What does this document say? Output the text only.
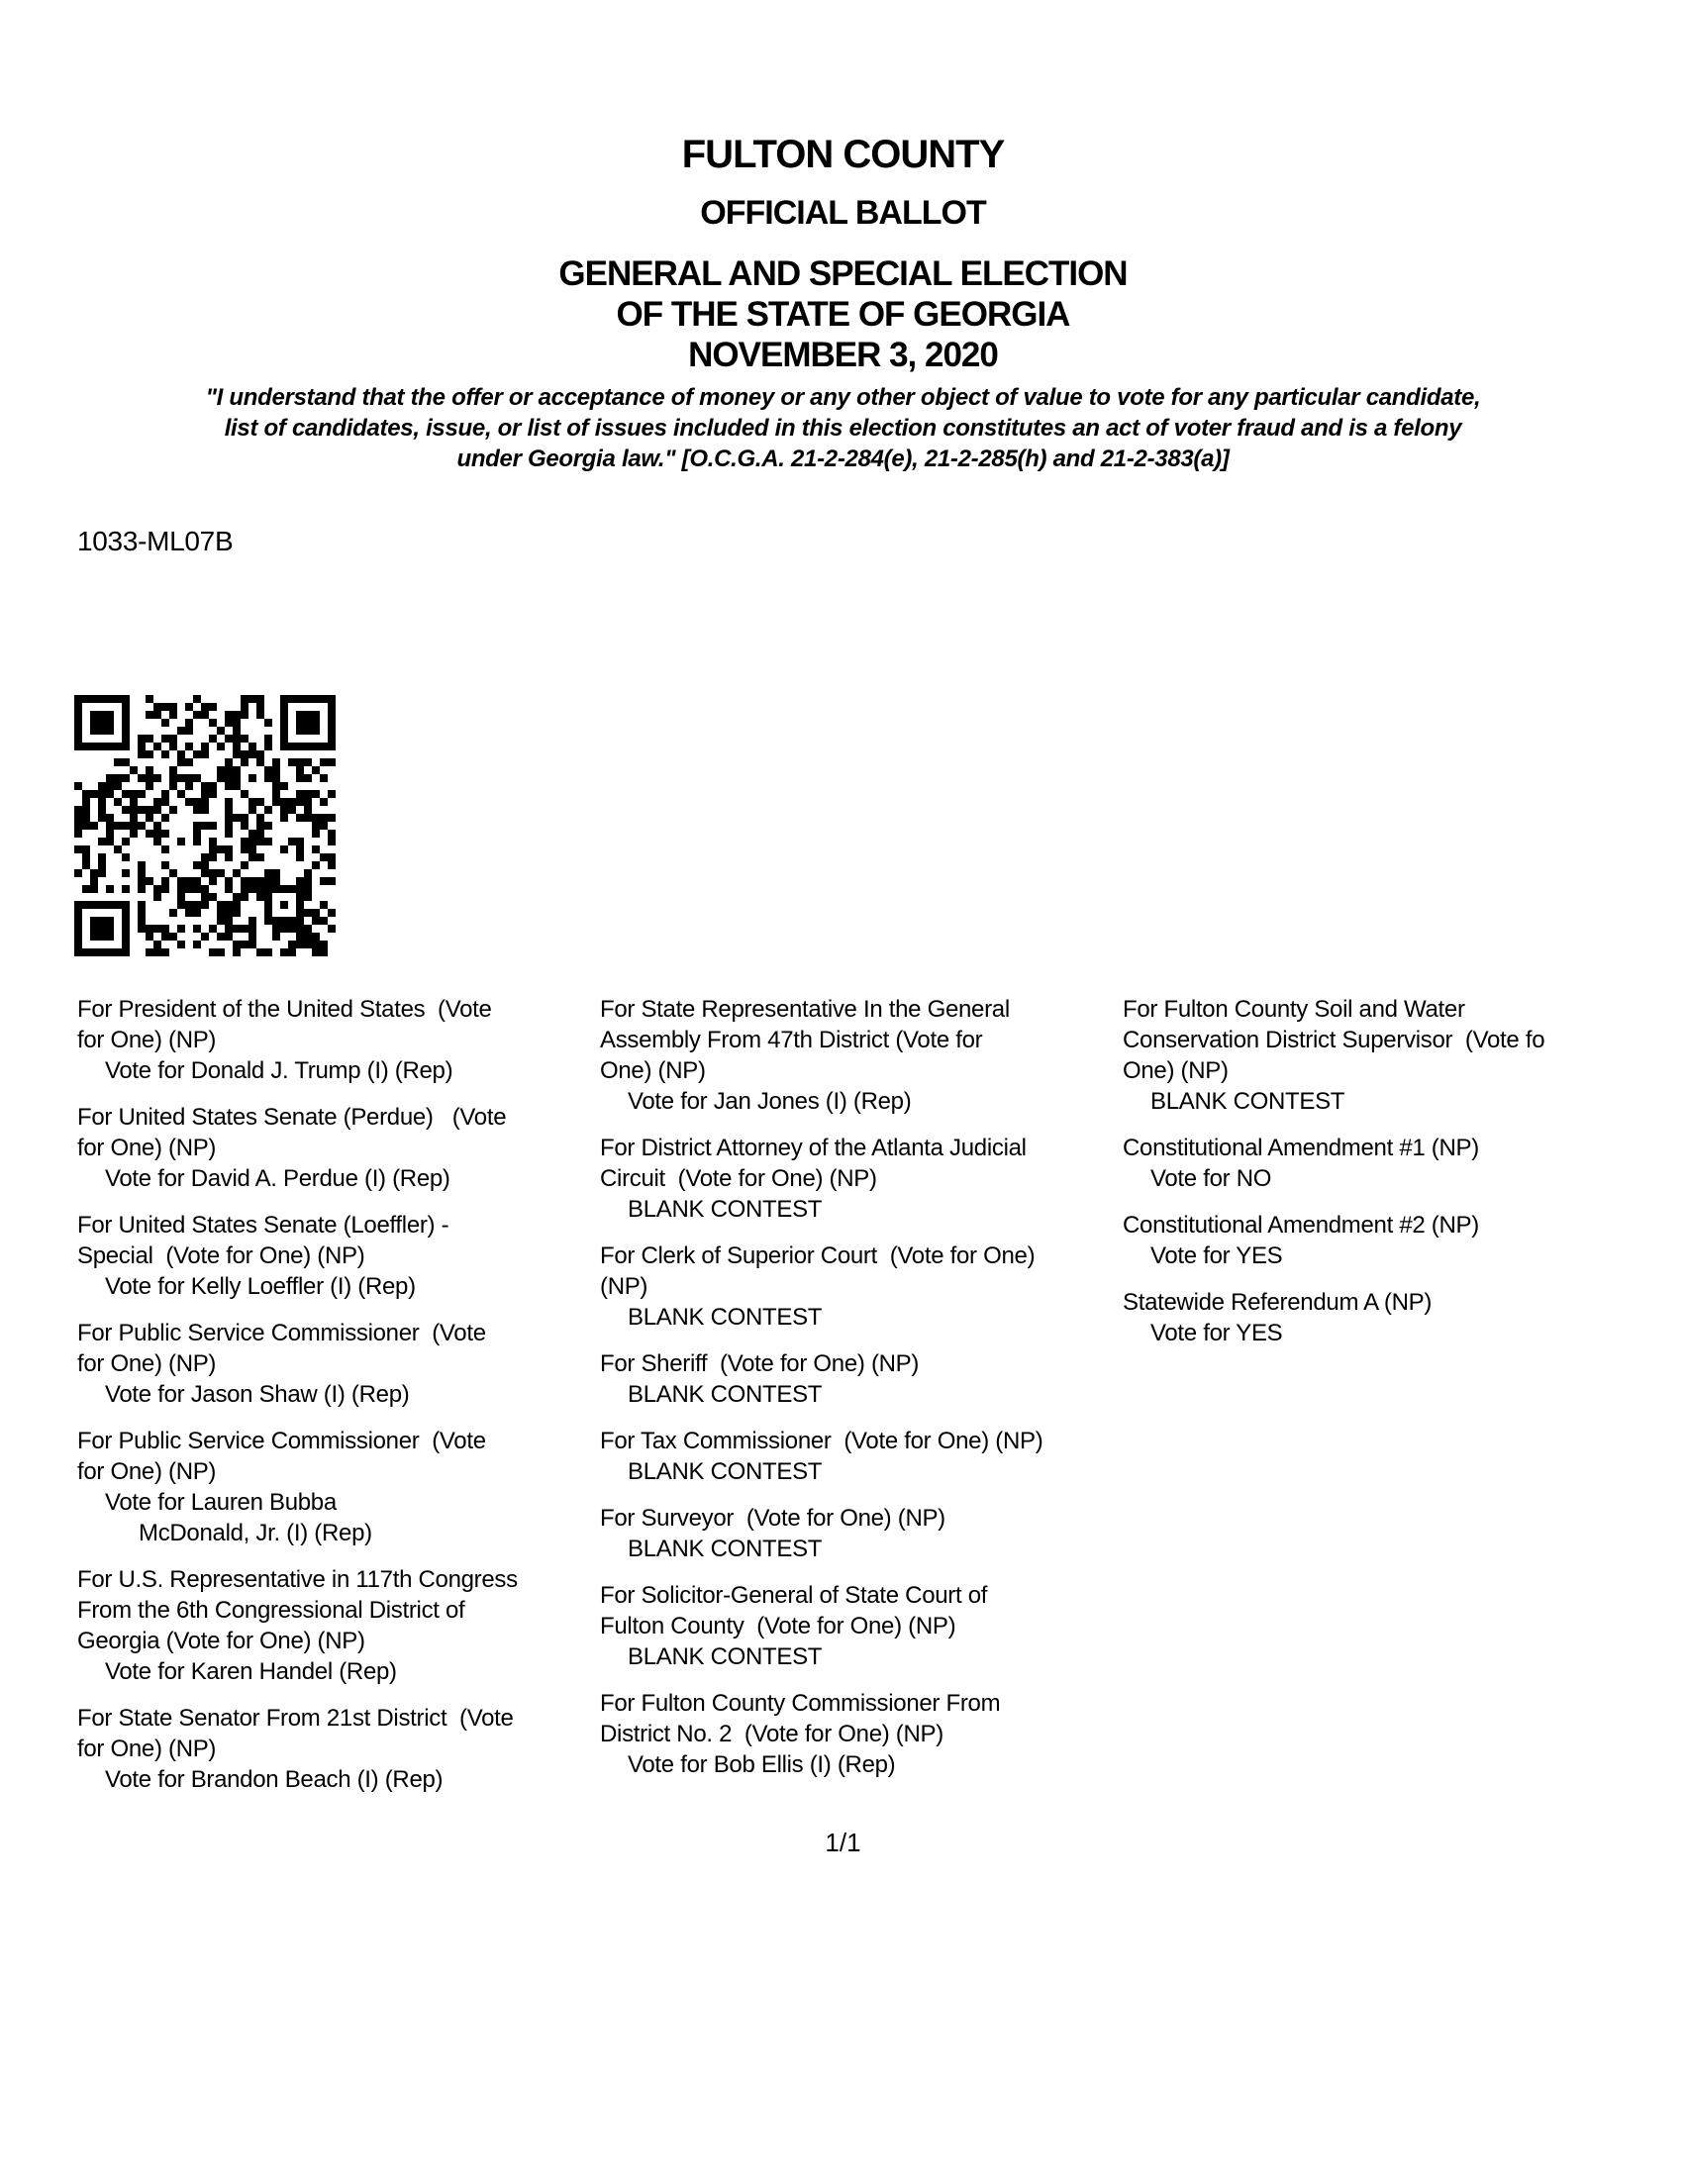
FULTON COUNTY
OFFICIAL BALLOT
GENERAL AND SPECIAL ELECTION
OF THE STATE OF GEORGIA
NOVEMBER 3, 2020
"I understand that the offer or acceptance of money or any other object of value to vote for any particular candidate,
list of candidates, issue, or list of issues included in this election constitutes an act of voter fraud and is a felony
under Georgia law." [O.C.G.A. 21-2-284(e), 21-2-285(h) and 21-2-383(a)]
1033-ML07B
For President of the United States  (Vote
for One) (NP)
Vote for Donald J. Trump (I) (Rep)
For United States Senate (Perdue)   (Vote
for One) (NP)
Vote for David A. Perdue (I) (Rep)
For United States Senate (Loeffler) -
Special  (Vote for One) (NP)
Vote for Kelly Loeffler (I) (Rep)
For Public Service Commissioner  (Vote
for One) (NP)
Vote for Jason Shaw (I) (Rep)
For Public Service Commissioner  (Vote
for One) (NP)
Vote for Lauren Bubba
McDonald, Jr. (I) (Rep)
For U.S. Representative in 117th Congress
From the 6th Congressional District of
Georgia (Vote for One) (NP)
Vote for Karen Handel (Rep)
For State Senator From 21st District  (Vote
for One) (NP)
Vote for Brandon Beach (I) (Rep)
For State Representative In the General
Assembly From 47th District (Vote for
One) (NP)
Vote for Jan Jones (I) (Rep)
For District Attorney of the Atlanta Judicial
Circuit  (Vote for One) (NP)
BLANK CONTEST
For Clerk of Superior Court  (Vote for One)
(NP)
BLANK CONTEST
For Sheriff  (Vote for One) (NP)
BLANK CONTEST
For Tax Commissioner  (Vote for One) (NP)
BLANK CONTEST
For Surveyor  (Vote for One) (NP)
BLANK CONTEST
For Solicitor-General of State Court of
Fulton County  (Vote for One) (NP)
BLANK CONTEST
For Fulton County Commissioner From
District No. 2  (Vote for One) (NP)
Vote for Bob Ellis (I) (Rep)
For Fulton County Soil and Water
Conservation District Supervisor  (Vote fo
One) (NP)
BLANK CONTEST
Constitutional Amendment #1 (NP)
Vote for NO
Constitutional Amendment #2 (NP)
Vote for YES
Statewide Referendum A (NP)
Vote for YES
1/1
